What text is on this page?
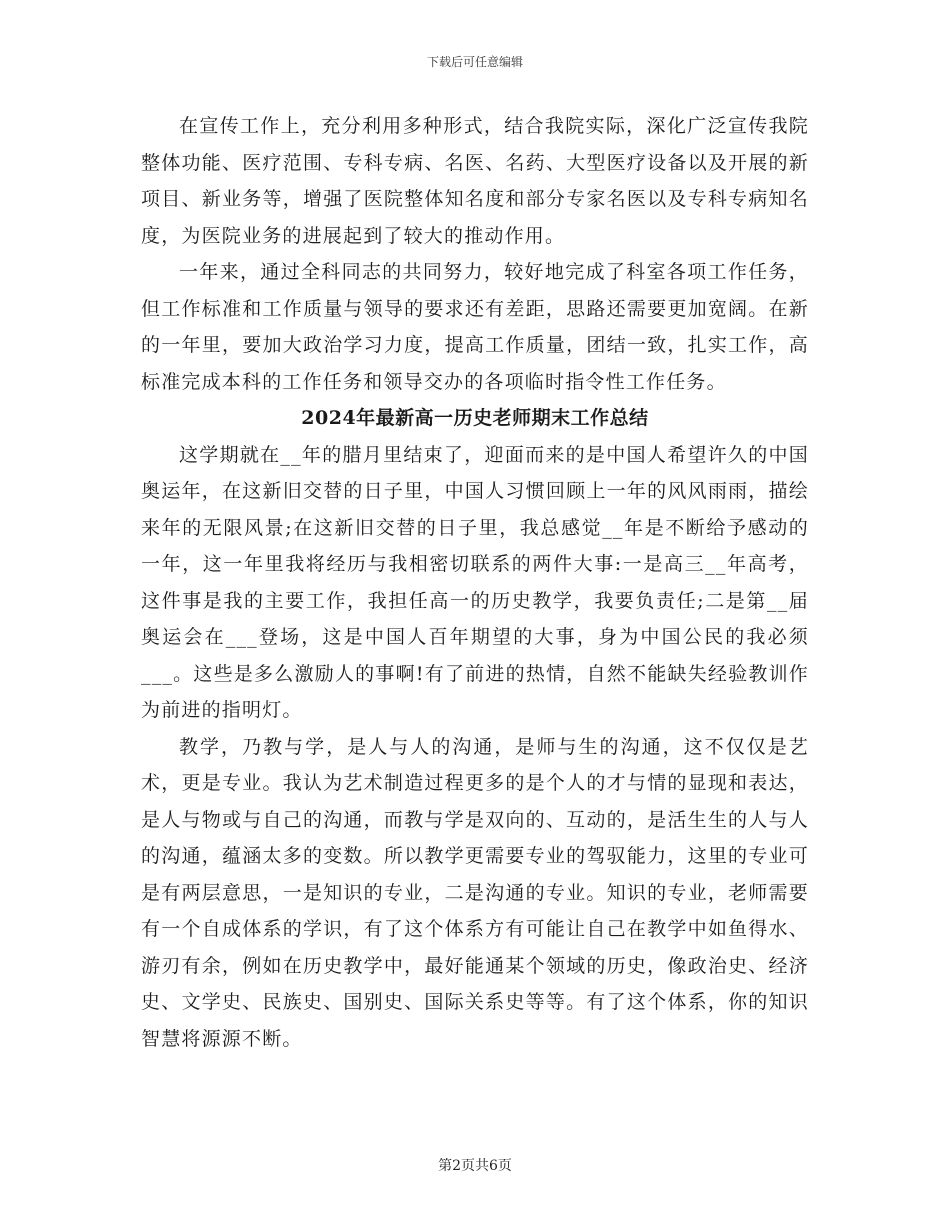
下载后可任意编辑

在宣传工作上，充分利用多种形式，结合我院实际，深化广泛宣传我院整体功能、医疗范围、专科专病、名医、名药、大型医疗设备以及开展的新项目、新业务等，增强了医院整体知名度和部分专家名医以及专科专病知名度，为医院业务的进展起到了较大的推动作用。

一年来，通过全科同志的共同努力，较好地完成了科室各项工作任务，但工作标准和工作质量与领导的要求还有差距，思路还需要更加宽阔。在新的一年里，要加大政治学习力度，提高工作质量，团结一致，扎实工作，高标准完成本科的工作任务和领导交办的各项临时指令性工作任务。

2024年最新高一历史老师期末工作总结

这学期就在__年的腊月里结束了，迎面而来的是中国人希望许久的中国奥运年，在这新旧交替的日子里，中国人习惯回顾上一年的风风雨雨，描绘来年的无限风景;在这新旧交替的日子里，我总感觉__年是不断给予感动的一年，这一年里我将经历与我相密切联系的两件大事:一是高三__年高考，这件事是我的主要工作，我担任高一的历史教学，我要负责任;二是第__届奥运会在___登场，这是中国人百年期望的大事，身为中国公民的我必须___。这些是多么激励人的事啊!有了前进的热情，自然不能缺失经验教训作为前进的指明灯。

教学，乃教与学，是人与人的沟通，是师与生的沟通，这不仅仅是艺术，更是专业。我认为艺术制造过程更多的是个人的才与情的显现和表达，是人与物或与自己的沟通，而教与学是双向的、互动的，是活生生的人与人的沟通，蕴涵太多的变数。所以教学更需要专业的驾驭能力，这里的专业可是有两层意思，一是知识的专业，二是沟通的专业。知识的专业，老师需要有一个自成体系的学识，有了这个体系方有可能让自己在教学中如鱼得水、游刃有余，例如在历史教学中，最好能通某个领域的历史，像政治史、经济史、文学史、民族史、国别史、国际关系史等等。有了这个体系，你的知识智慧将源源不断。

第2页共6页
